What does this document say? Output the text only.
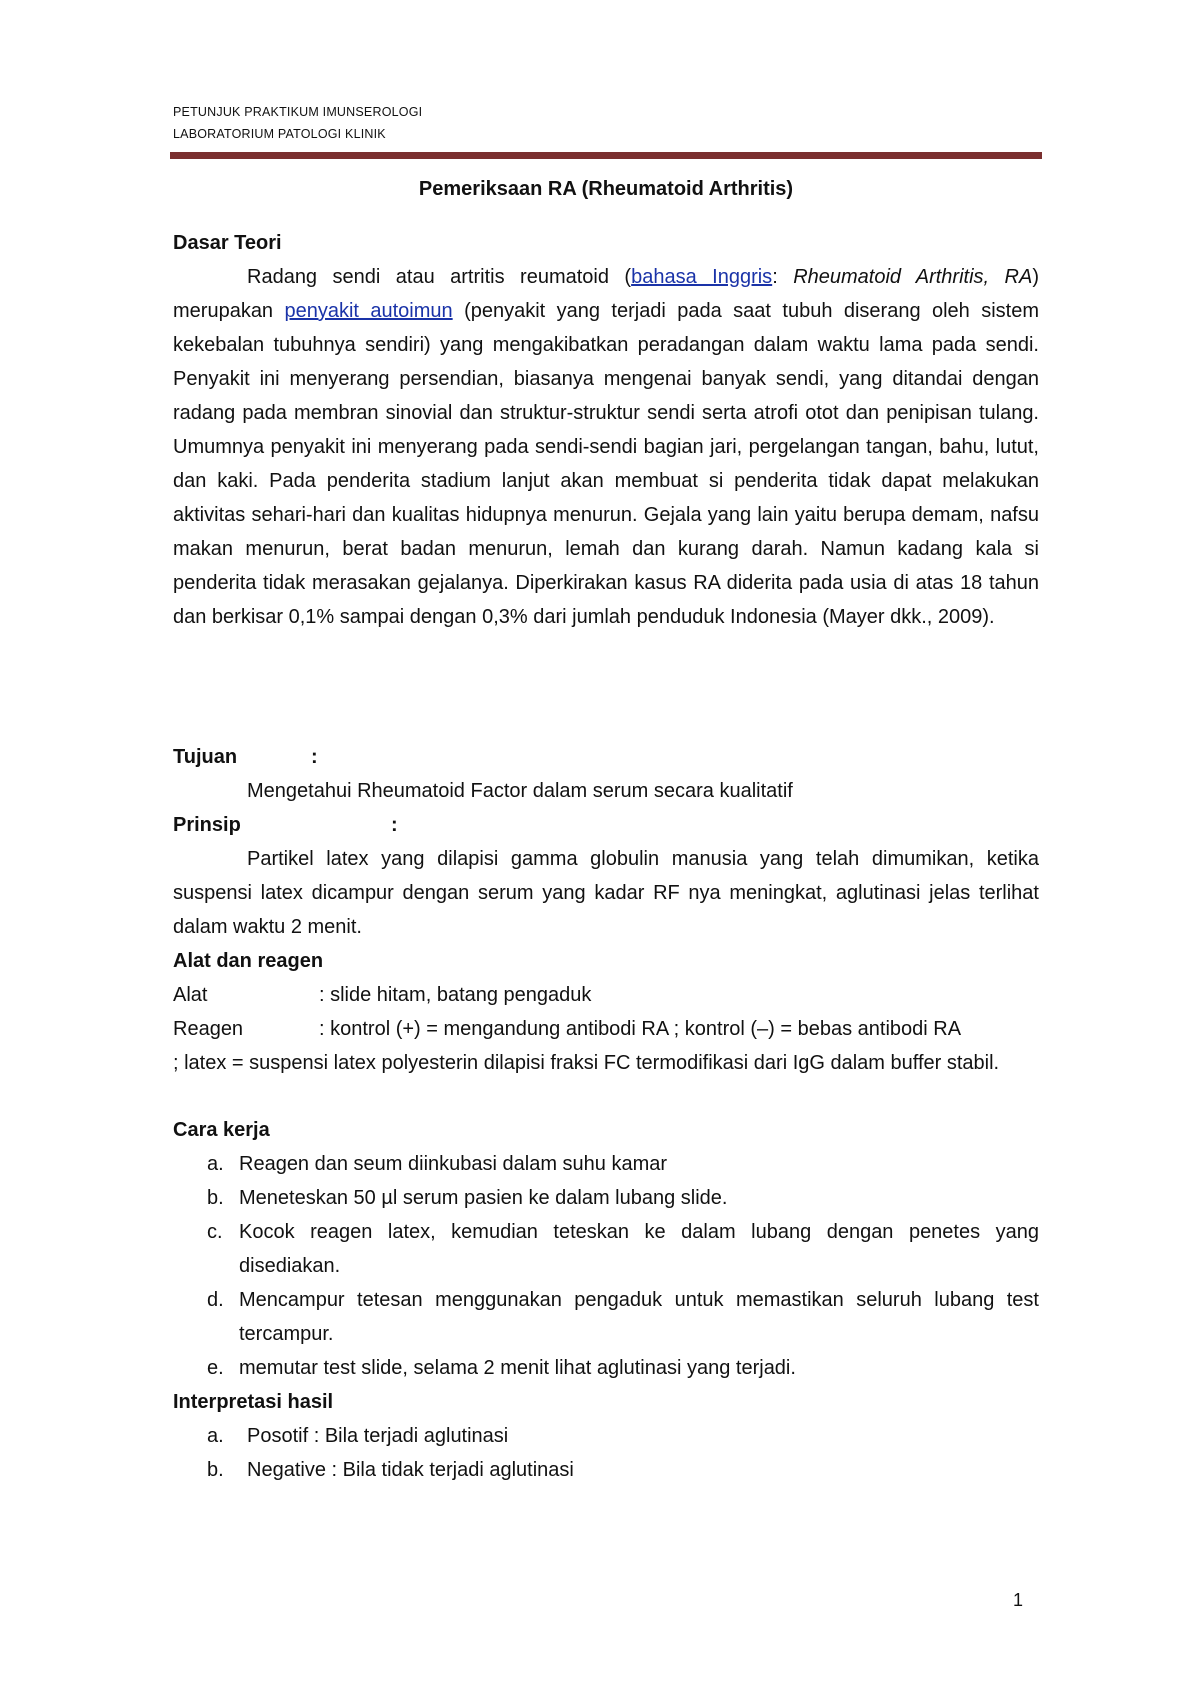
PETUNJUK PRAKTIKUM IMUNSEROLOGI
LABORATORIUM PATOLOGI KLINIK
Pemeriksaan RA (Rheumatoid Arthritis)
Dasar Teori
Radang sendi atau artritis reumatoid (bahasa Inggris: Rheumatoid Arthritis, RA)
merupakan penyakit autoimun (penyakit yang terjadi pada saat tubuh diserang oleh sistem kekebalan tubuhnya sendiri) yang mengakibatkan peradangan dalam waktu lama pada sendi. Penyakit ini menyerang persendian, biasanya mengenai banyak sendi, yang ditandai dengan radang pada membran sinovial dan struktur-struktur sendi serta atrofi otot dan penipisan tulang. Umumnya penyakit ini menyerang pada sendi-sendi bagian jari, pergelangan tangan, bahu, lutut, dan kaki. Pada penderita stadium lanjut akan membuat si penderita tidak dapat melakukan aktivitas sehari-hari dan kualitas hidupnya menurun. Gejala yang lain yaitu berupa demam, nafsu makan menurun, berat badan menurun, lemah dan kurang darah. Namun kadang kala si penderita tidak merasakan gejalanya. Diperkirakan kasus RA diderita pada usia di atas 18 tahun dan berkisar 0,1% sampai dengan 0,3% dari jumlah penduduk Indonesia (Mayer dkk., 2009).
Tujuan	:
Mengetahui Rheumatoid Factor dalam serum secara kualitatif
Prinsip	:
Partikel latex yang dilapisi gamma globulin manusia yang telah dimumikan, ketika suspensi latex dicampur dengan serum yang kadar RF nya meningkat, aglutinasi jelas terlihat dalam waktu 2 menit.
Alat dan reagen
Alat	: slide hitam, batang pengaduk
Reagen	: kontrol (+) = mengandung antibodi RA ; kontrol (–) = bebas antibodi RA
; latex = suspensi latex polyesterin dilapisi fraksi FC termodifikasi dari IgG dalam buffer stabil.
Cara kerja
a. Reagen dan seum diinkubasi dalam suhu kamar
b. Meneteskan 50 µl serum pasien ke dalam lubang slide.
c. Kocok reagen latex, kemudian teteskan ke dalam lubang dengan penetes yang disediakan.
d. Mencampur tetesan menggunakan pengaduk untuk memastikan seluruh lubang test tercampur.
e. memutar test slide, selama 2 menit lihat aglutinasi yang terjadi.
Interpretasi hasil
a.	Posotif : Bila terjadi aglutinasi
b.	Negative : Bila tidak terjadi aglutinasi
1
